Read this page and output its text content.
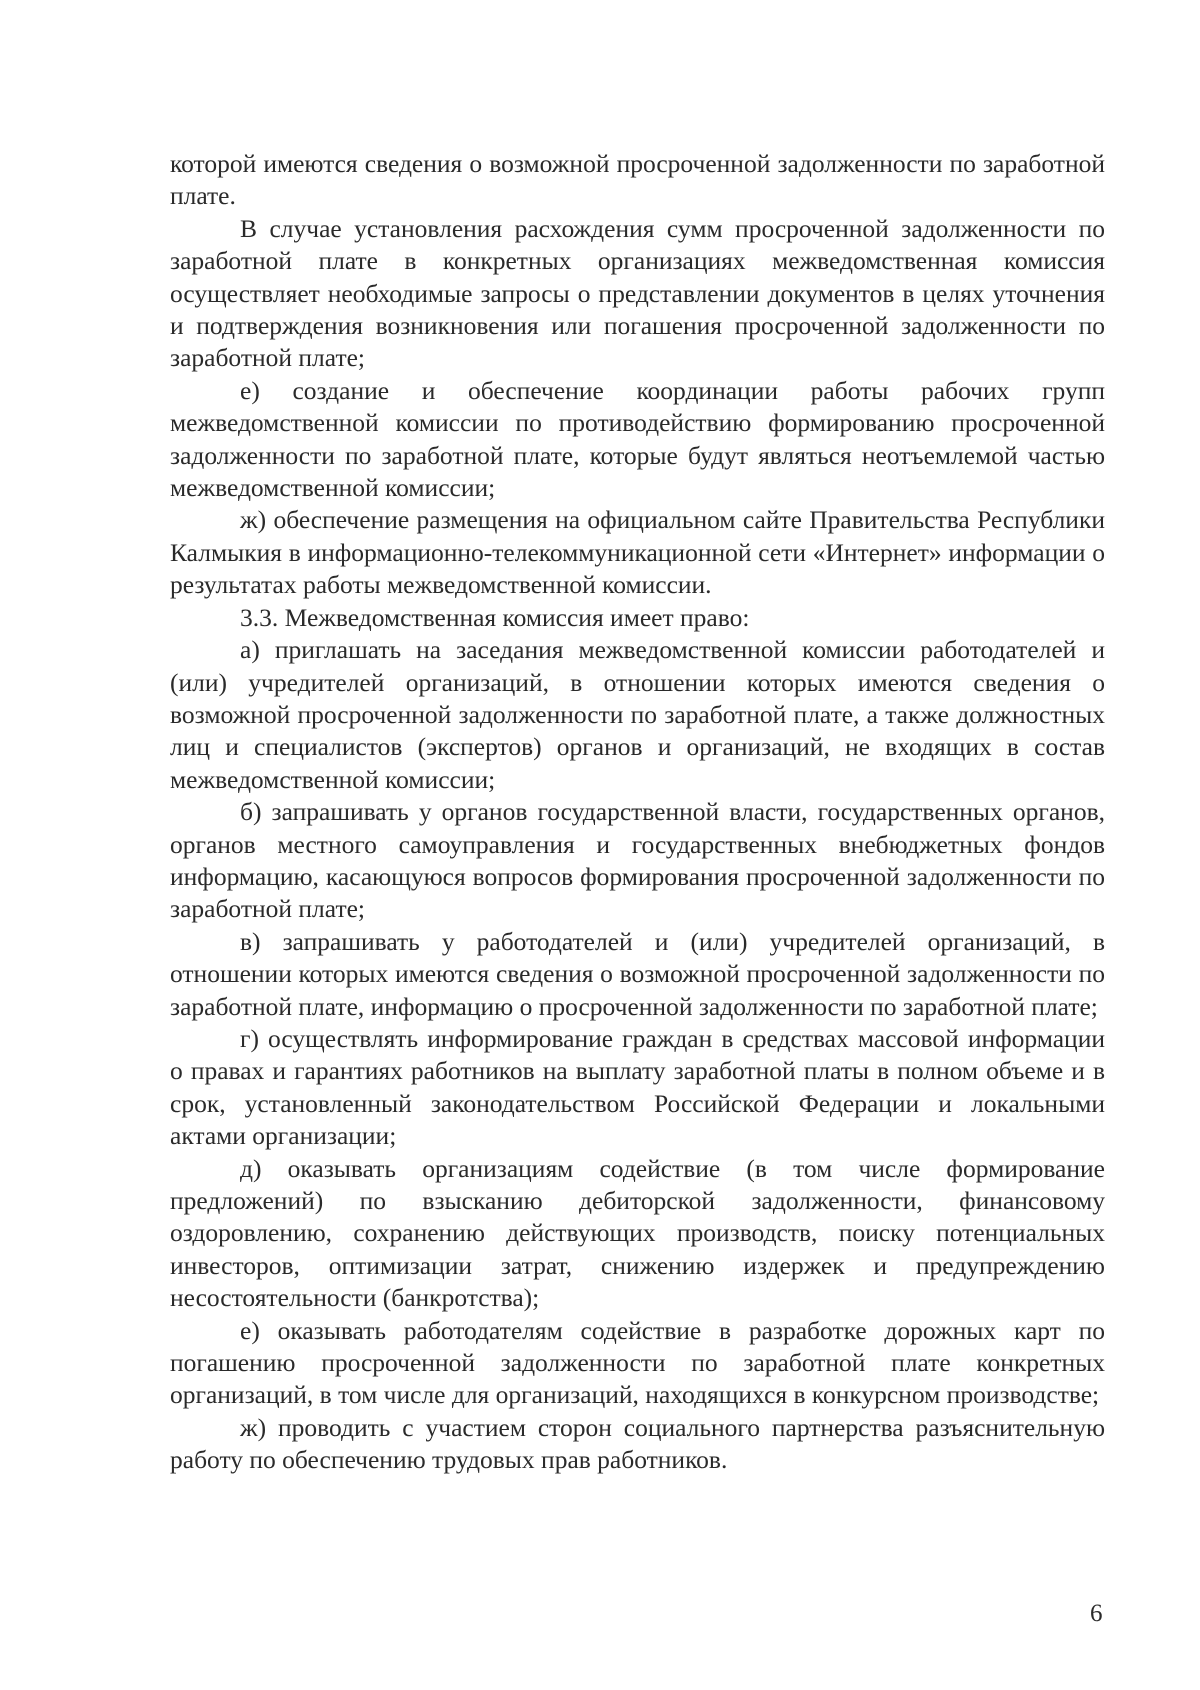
которой имеются сведения о возможной просроченной задолженности по заработной плате.

В случае установления расхождения сумм просроченной задолженности по заработной плате в конкретных организациях межведомственная комиссия осуществляет необходимые запросы о представлении документов в целях уточнения и подтверждения возникновения или погашения просроченной задолженности по заработной плате;

е) создание и обеспечение координации работы рабочих групп межведомственной комиссии по противодействию формированию просроченной задолженности по заработной плате, которые будут являться неотъемлемой частью межведомственной комиссии;

ж) обеспечение размещения на официальном сайте Правительства Республики Калмыкия в информационно-телекоммуникационной сети «Интернет» информации о результатах работы межведомственной комиссии.

3.3. Межведомственная комиссия имеет право:

а) приглашать на заседания межведомственной комиссии работодателей и (или) учредителей организаций, в отношении которых имеются сведения о возможной просроченной задолженности по заработной плате, а также должностных лиц и специалистов (экспертов) органов и организаций, не входящих в состав межведомственной комиссии;

б) запрашивать у органов государственной власти, государственных органов, органов местного самоуправления и государственных внебюджетных фондов информацию, касающуюся вопросов формирования просроченной задолженности по заработной плате;

в) запрашивать у работодателей и (или) учредителей организаций, в отношении которых имеются сведения о возможной просроченной задолженности по заработной плате, информацию о просроченной задолженности по заработной плате;

г) осуществлять информирование граждан в средствах массовой информации о правах и гарантиях работников на выплату заработной платы в полном объеме и в срок, установленный законодательством Российской Федерации и локальными актами организации;

д) оказывать организациям содействие (в том числе формирование предложений) по взысканию дебиторской задолженности, финансовому оздоровлению, сохранению действующих производств, поиску потенциальных инвесторов, оптимизации затрат, снижению издержек и предупреждению несостоятельности (банкротства);

е) оказывать работодателям содействие в разработке дорожных карт по погашению просроченной задолженности по заработной плате конкретных организаций, в том числе для организаций, находящихся в конкурсном производстве;

ж) проводить с участием сторон социального партнерства разъяснительную работу по обеспечению трудовых прав работников.

6
